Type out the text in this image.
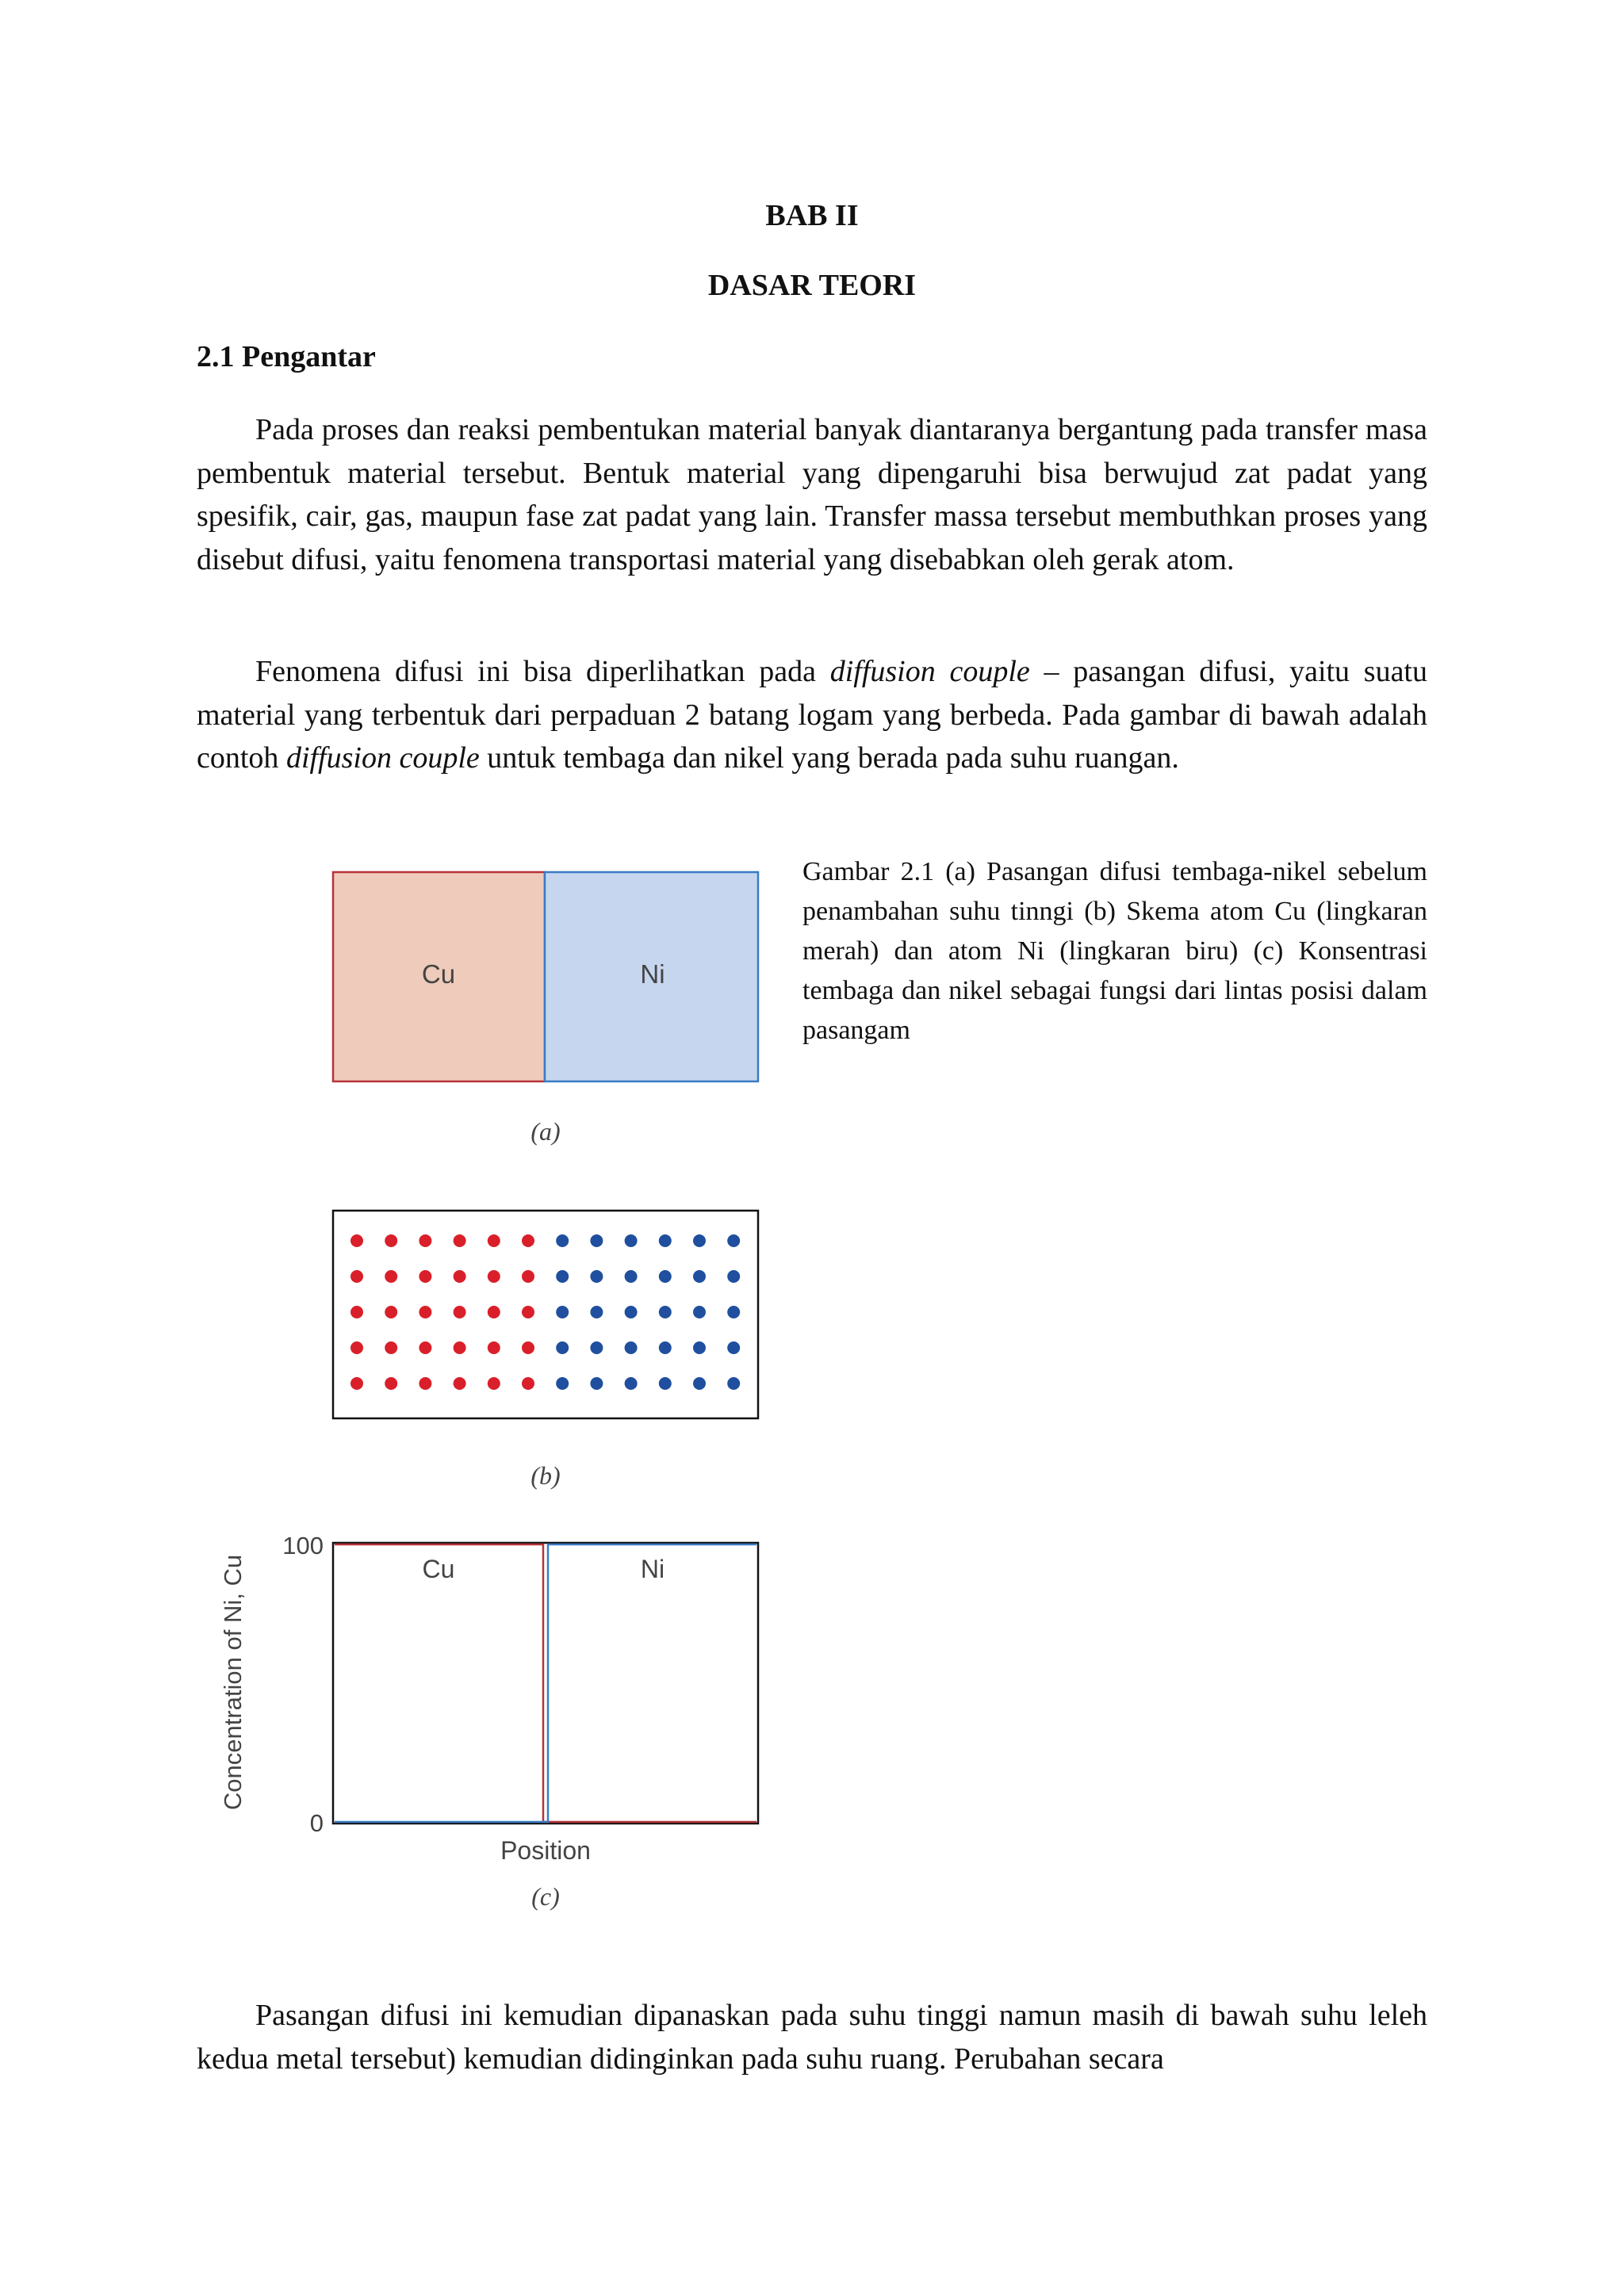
BAB II
DASAR TEORI
2.1 Pengantar

Pada proses dan reaksi pembentukan material banyak diantaranya bergantung pada transfer masa pembentuk material tersebut. Bentuk material yang dipengaruhi bisa berwujud zat padat yang spesifik, cair, gas, maupun fase zat padat yang lain. Transfer massa tersebut membuthkan proses yang disebut difusi, yaitu fenomena transportasi material yang disebabkan oleh gerak atom.

Fenomena difusi ini bisa diperlihatkan pada diffusion couple – pasangan difusi, yaitu suatu material yang terbentuk dari perpaduan 2 batang logam yang berbeda. Pada gambar di bawah adalah contoh diffusion couple untuk tembaga dan nikel yang berada pada suhu ruangan.

Gambar 2.1 (a) Pasangan difusi tembaga-nikel sebelum penambahan suhu tinngi (b) Skema atom Cu (lingkaran merah) dan atom Ni (lingkaran biru) (c) Konsentrasi tembaga dan nikel sebagai fungsi dari lintas posisi dalam pasangam

Cu	Ni
(a)
(b)
Cu	Ni
100
0
Position
Concentration of Ni, Cu
(c)

Pasangan difusi ini kemudian dipanaskan pada suhu tinggi namun masih di bawah suhu leleh kedua metal tersebut) kemudian didinginkan pada suhu ruang. Perubahan secara
